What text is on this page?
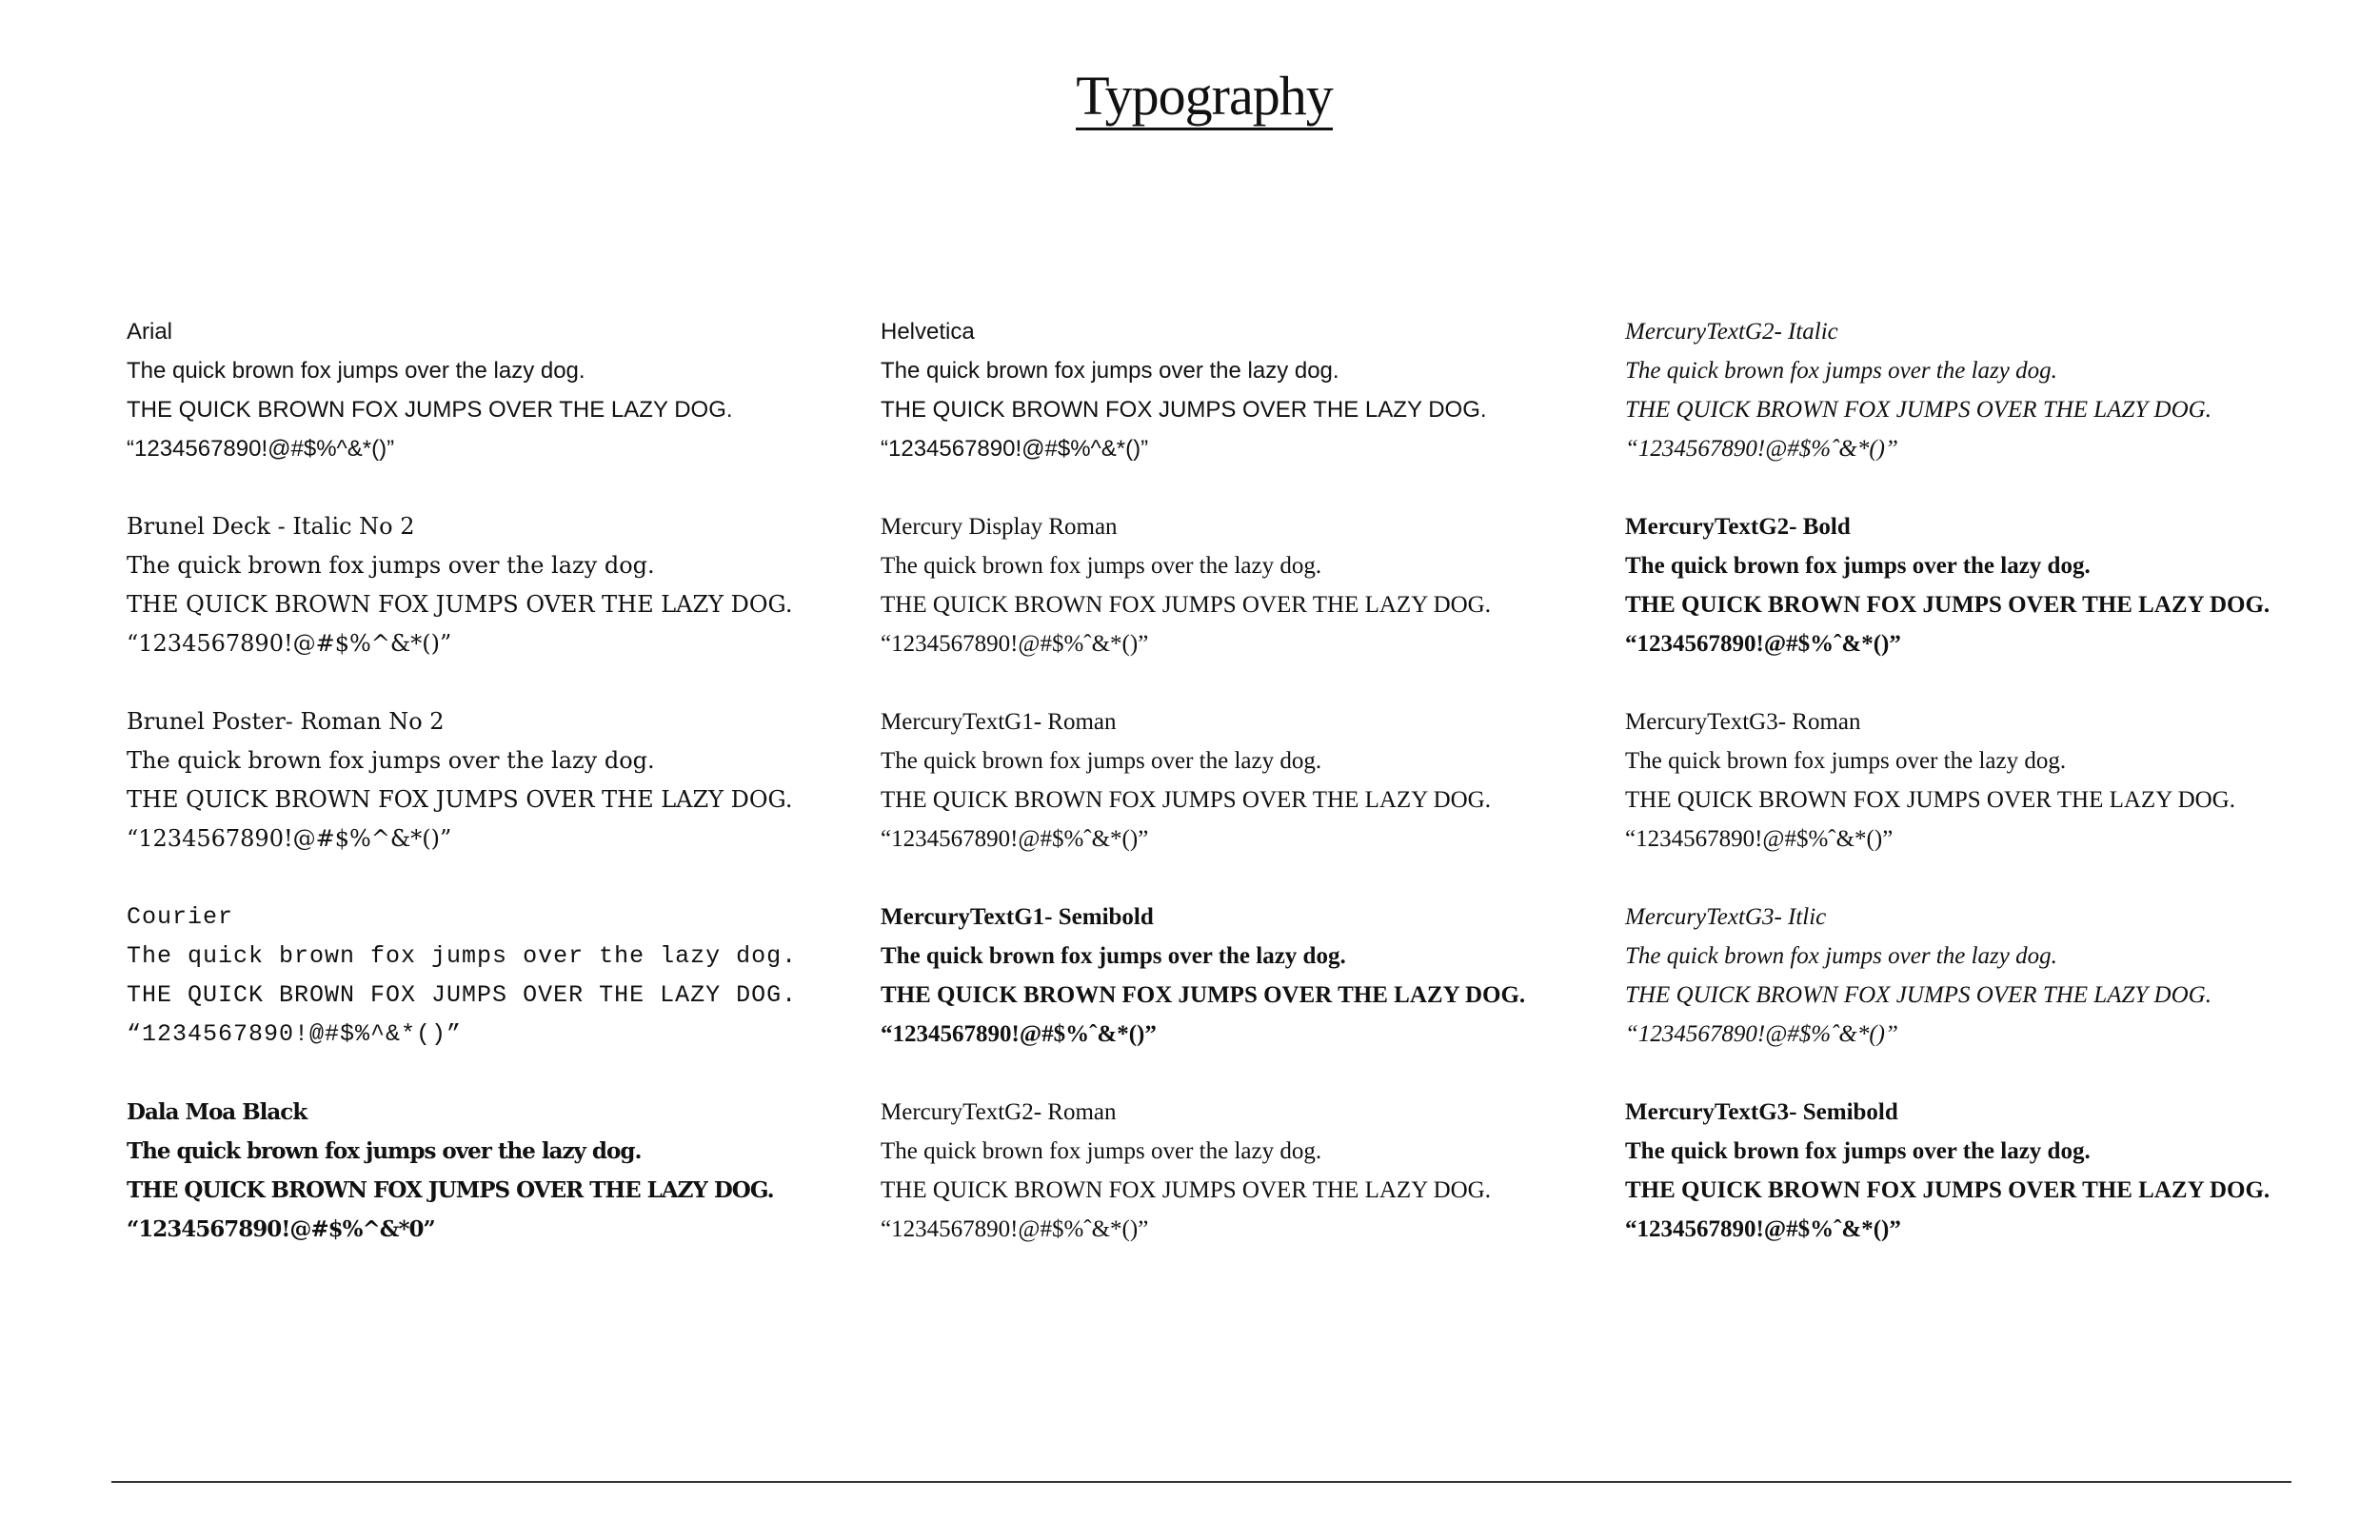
Typography
Arial
The quick brown fox jumps over the lazy dog.
THE QUICK BROWN FOX JUMPS OVER THE LAZY DOG.
“1234567890!@#$%^&*()”
Brunel Deck - Italic No 2
The quick brown fox jumps over the lazy dog.
THE QUICK BROWN FOX JUMPS OVER THE LAZY DOG.
“1234567890!@#$%^&*()”
Brunel Poster- Roman No 2
The quick brown fox jumps over the lazy dog.
THE QUICK BROWN FOX JUMPS OVER THE LAZY DOG.
“1234567890!@#$%^&*()”
Courier
The quick brown fox jumps over the lazy dog.
THE QUICK BROWN FOX JUMPS OVER THE LAZY DOG.
“1234567890!@#$%^&*()”
Dala Moa Black
The quick brown fox jumps over the lazy dog.
THE QUICK BROWN FOX JUMPS OVER THE LAZY DOG.
“1234567890!@#$%^&*0”
Helvetica
The quick brown fox jumps over the lazy dog.
THE QUICK BROWN FOX JUMPS OVER THE LAZY DOG.
“1234567890!@#$%^&*()”
Mercury Display Roman
The quick brown fox jumps over the lazy dog.
THE QUICK BROWN FOX JUMPS OVER THE LAZY DOG.
“1234567890!@#$%ˆ&*()”
MercuryTextG1- Roman
The quick brown fox jumps over the lazy dog.
THE QUICK BROWN FOX JUMPS OVER THE LAZY DOG.
“1234567890!@#$%ˆ&*()”
MercuryTextG1- Semibold
The quick brown fox jumps over the lazy dog.
THE QUICK BROWN FOX JUMPS OVER THE LAZY DOG.
“1234567890!@#$%ˆ&*()”
MercuryTextG2- Roman
The quick brown fox jumps over the lazy dog.
THE QUICK BROWN FOX JUMPS OVER THE LAZY DOG.
“1234567890!@#$%ˆ&*()”
MercuryTextG2- Italic
The quick brown fox jumps over the lazy dog.
THE QUICK BROWN FOX JUMPS OVER THE LAZY DOG.
“1234567890!@#$%ˆ&*()”
MercuryTextG2- Bold
The quick brown fox jumps over the lazy dog.
THE QUICK BROWN FOX JUMPS OVER THE LAZY DOG.
“1234567890!@#$%ˆ&*()”
MercuryTextG3- Roman
The quick brown fox jumps over the lazy dog.
THE QUICK BROWN FOX JUMPS OVER THE LAZY DOG.
“1234567890!@#$%ˆ&*()”
MercuryTextG3- Itlic
The quick brown fox jumps over the lazy dog.
THE QUICK BROWN FOX JUMPS OVER THE LAZY DOG.
“1234567890!@#$%ˆ&*()”
MercuryTextG3- Semibold
The quick brown fox jumps over the lazy dog.
THE QUICK BROWN FOX JUMPS OVER THE LAZY DOG.
“1234567890!@#$%ˆ&*()”
